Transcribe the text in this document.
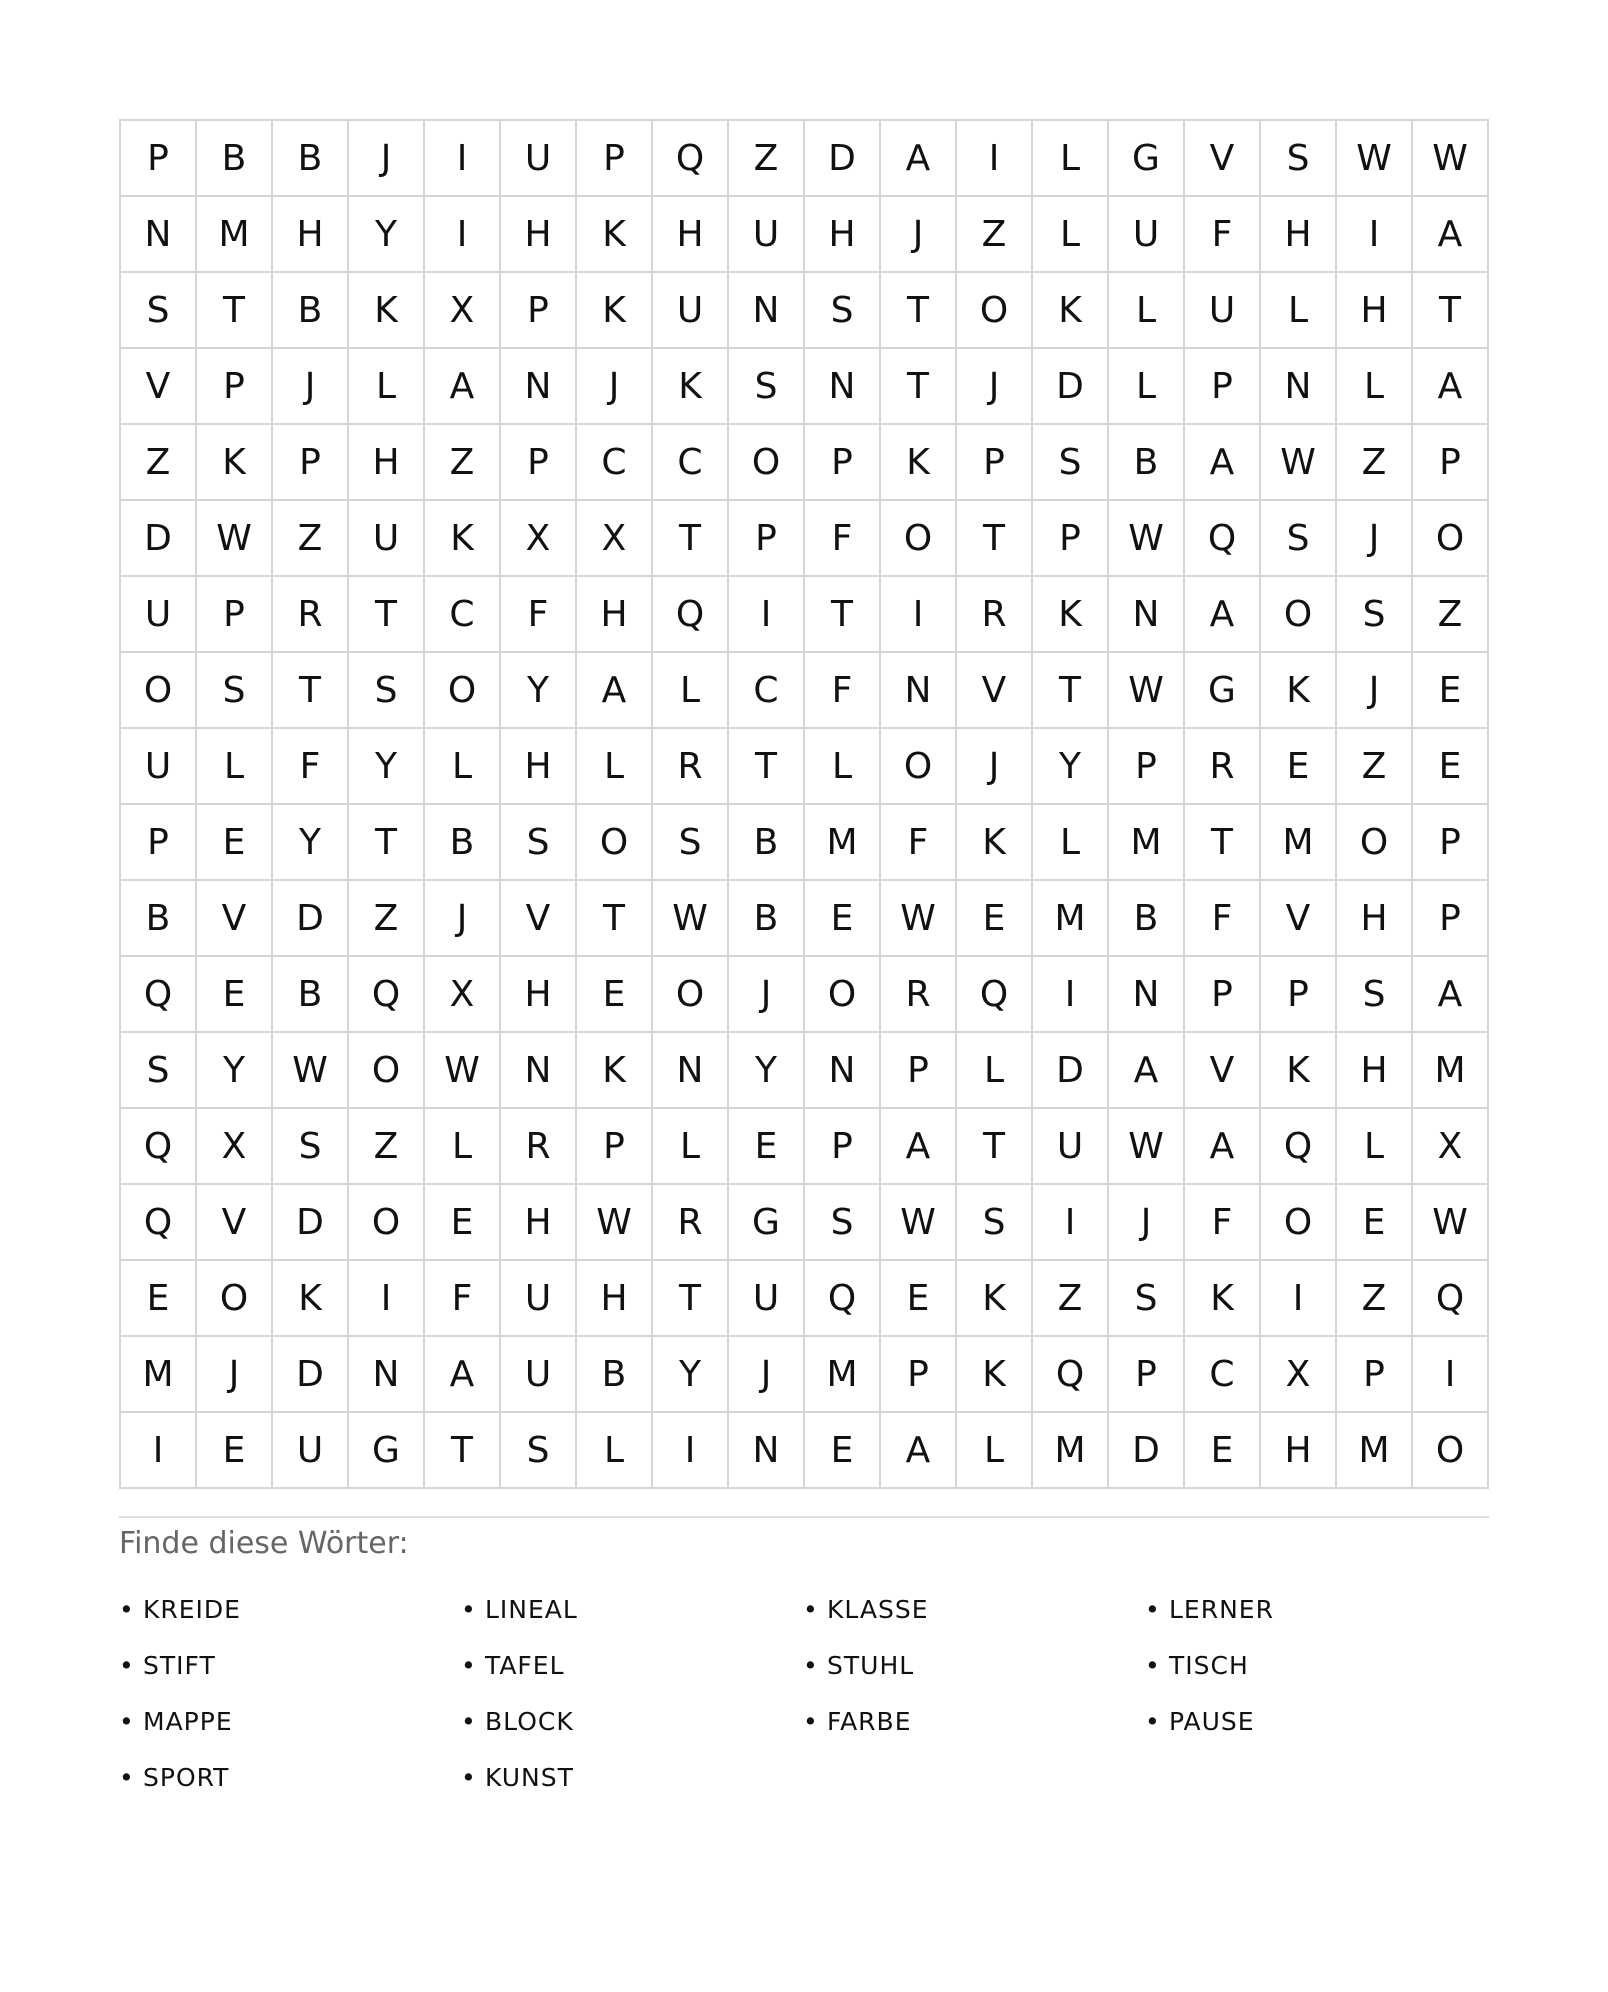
P	B	B	J	I	U	P	Q	Z	D	A	I	L	G	V	S	W	W
N	M	H	Y	I	H	K	H	U	H	J	Z	L	U	F	H	I	A
S	T	B	K	X	P	K	U	N	S	T	O	K	L	U	L	H	T
V	P	J	L	A	N	J	K	S	N	T	J	D	L	P	N	L	A
Z	K	P	H	Z	P	C	C	O	P	K	P	S	B	A	W	Z	P
D	W	Z	U	K	X	X	T	P	F	O	T	P	W	Q	S	J	O
U	P	R	T	C	F	H	Q	I	T	I	R	K	N	A	O	S	Z
O	S	T	S	O	Y	A	L	C	F	N	V	T	W	G	K	J	E
U	L	F	Y	L	H	L	R	T	L	O	J	Y	P	R	E	Z	E
P	E	Y	T	B	S	O	S	B	M	F	K	L	M	T	M	O	P
B	V	D	Z	J	V	T	W	B	E	W	E	M	B	F	V	H	P
Q	E	B	Q	X	H	E	O	J	O	R	Q	I	N	P	P	S	A
S	Y	W	O	W	N	K	N	Y	N	P	L	D	A	V	K	H	M
Q	X	S	Z	L	R	P	L	E	P	A	T	U	W	A	Q	L	X
Q	V	D	O	E	H	W	R	G	S	W	S	I	J	F	O	E	W
E	O	K	I	F	U	H	T	U	Q	E	K	Z	S	K	I	Z	Q
M	J	D	N	A	U	B	Y	J	M	P	K	Q	P	C	X	P	I
I	E	U	G	T	S	L	I	N	E	A	L	M	D	E	H	M	O
Finde diese Wörter:
• KREIDE	• LINEAL	• KLASSE	• LERNER
• STIFT	• TAFEL	• STUHL	• TISCH
• MAPPE	• BLOCK	• FARBE	• PAUSE
• SPORT	• KUNST
